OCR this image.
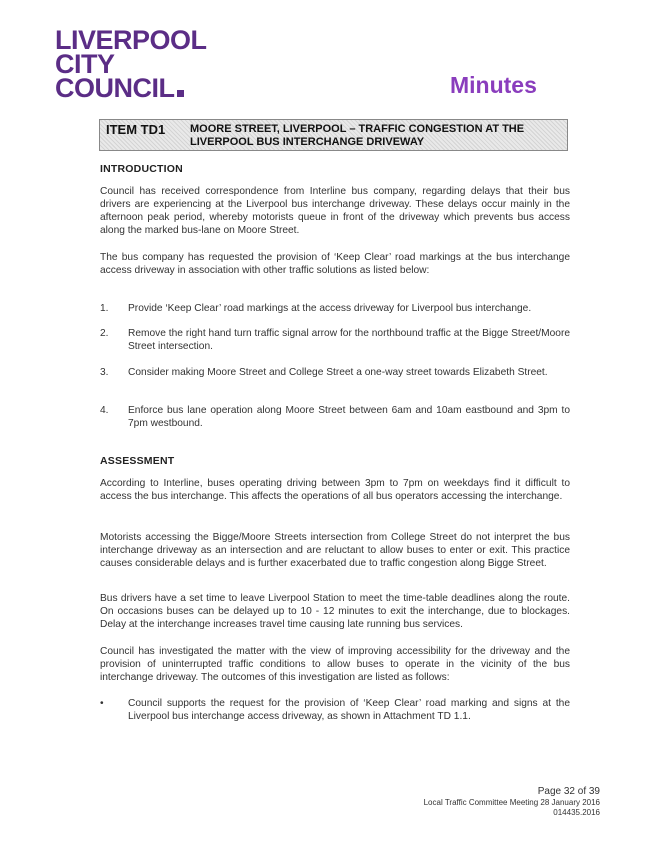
LIVERPOOL
CITY
COUNCIL	Minutes
ITEM TD1 MOORE STREET, LIVERPOOL – TRAFFIC CONGESTION AT THE LIVERPOOL BUS INTERCHANGE DRIVEWAY
INTRODUCTION
Council has received correspondence from Interline bus company, regarding delays that their bus drivers are experiencing at the Liverpool bus interchange driveway. These delays occur mainly in the afternoon peak period, whereby motorists queue in front of the driveway which prevents bus access along the marked bus-lane on Moore Street.
The bus company has requested the provision of ‘Keep Clear’ road markings at the bus interchange access driveway in association with other traffic solutions as listed below:
1. Provide ‘Keep Clear’ road markings at the access driveway for Liverpool bus interchange.
2. Remove the right hand turn traffic signal arrow for the northbound traffic at the Bigge Street/Moore Street intersection.
3. Consider making Moore Street and College Street a one-way street towards Elizabeth Street.
4. Enforce bus lane operation along Moore Street between 6am and 10am eastbound and 3pm to 7pm westbound.
ASSESSMENT
According to Interline, buses operating driving between 3pm to 7pm on weekdays find it difficult to access the bus interchange. This affects the operations of all bus operators accessing the interchange.
Motorists accessing the Bigge/Moore Streets intersection from College Street do not interpret the bus interchange driveway as an intersection and are reluctant to allow buses to enter or exit. This practice causes considerable delays and is further exacerbated due to traffic congestion along Bigge Street.
Bus drivers have a set time to leave Liverpool Station to meet the time-table deadlines along the route. On occasions buses can be delayed up to 10 - 12 minutes to exit the interchange, due to blockages. Delay at the interchange increases travel time causing late running bus services.
Council has investigated the matter with the view of improving accessibility for the driveway and the provision of uninterrupted traffic conditions to allow buses to operate in the vicinity of the bus interchange driveway. The outcomes of this investigation are listed as follows:
• Council supports the request for the provision of ‘Keep Clear’ road marking and signs at the Liverpool bus interchange access driveway, as shown in Attachment TD 1.1.
Page 32 of 39
Local Traffic Committee Meeting 28 January 2016
014435.2016
